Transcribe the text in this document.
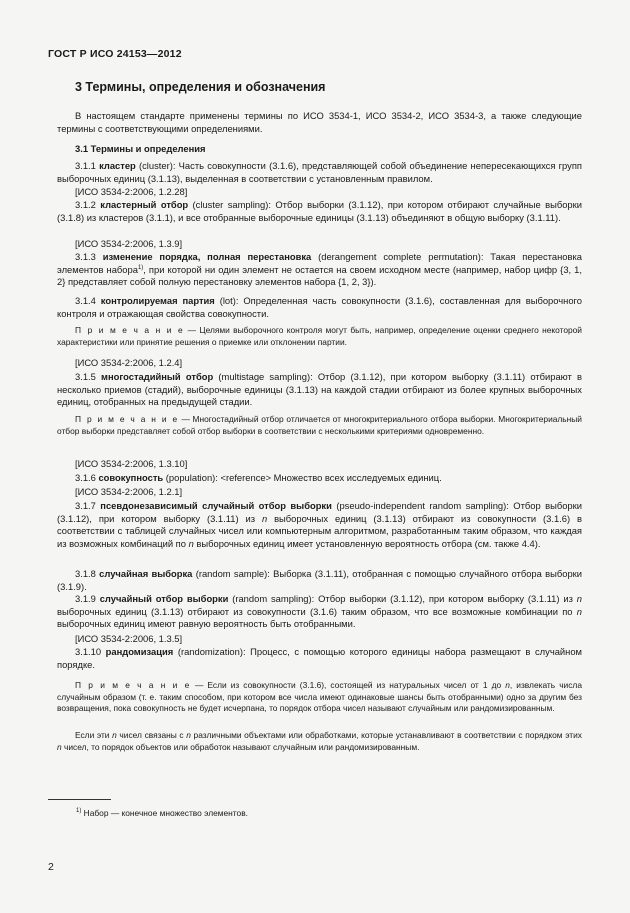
ГОСТ Р ИСО 24153—2012
3 Термины, определения и обозначения
В настоящем стандарте применены термины по ИСО 3534-1, ИСО 3534-2, ИСО 3534-3, а также следующие термины с соответствующими определениями.
3.1 Термины и определения
3.1.1 кластер (cluster): Часть совокупности (3.1.6), представляющей собой объединение непересекающихся групп выборочных единиц (3.1.13), выделенная в соответствии с установленным правилом.
[ИСО 3534-2:2006, 1.2.28]
3.1.2 кластерный отбор (cluster sampling): Отбор выборки (3.1.12), при котором отбирают случайные выборки (3.1.8) из кластеров (3.1.1), и все отобранные выборочные единицы (3.1.13) объединяют в общую выборку (3.1.11).
[ИСО 3534-2:2006, 1.3.9]
3.1.3 изменение порядка, полная перестановка (derangement complete permutation): Такая перестановка элементов набора$^{1)}$, при которой ни один элемент не остается на своем исходном месте (например, набор цифр {3, 1, 2} представляет собой полную перестановку элементов набора {1, 2, 3}).
3.1.4 контролируемая партия (lot): Определенная часть совокупности (3.1.6), составленная для выборочного контроля и отражающая свойства совокупности.
П р и м е ч а н и е — Целями выборочного контроля могут быть, например, определение оценки среднего некоторой характеристики или принятие решения о приемке или отклонении партии.
[ИСО 3534-2:2006, 1.2.4]
3.1.5 многостадийный отбор (multistage sampling): Отбор (3.1.12), при котором выборку (3.1.11) отбирают в несколько приемов (стадий), выборочные единицы (3.1.13) на каждой стадии отбирают из более крупных выборочных единиц, отобранных на предыдущей стадии.
П р и м е ч а н и е — Многостадийный отбор отличается от многокритериального отбора выборки. Многокритериальный отбор выборки представляет собой отбор выборки в соответствии с несколькими критериями одновременно.
[ИСО 3534-2:2006, 1.3.10]
3.1.6 совокупность (population): <reference> Множество всех исследуемых единиц.
[ИСО 3534-2:2006, 1.2.1]
3.1.7 псевдонезависимый случайный отбор выборки (pseudo-independent random sampling): Отбор выборки (3.1.12), при котором выборку (3.1.11) из n выборочных единиц (3.1.13) отбирают из совокупности (3.1.6) в соответствии с таблицей случайных чисел или компьютерным алгоритмом, разработанным таким образом, что каждая из возможных комбинаций по n выборочных единиц имеет установленную вероятность отбора (см. также 4.4).
3.1.8 случайная выборка (random sample): Выборка (3.1.11), отобранная с помощью случайного отбора выборки (3.1.9).
3.1.9 случайный отбор выборки (random sampling): Отбор выборки (3.1.12), при котором выборку (3.1.11) из n выборочных единиц (3.1.13) отбирают из совокупности (3.1.6) таким образом, что все возможные комбинации по n выборочных единиц имеют равную вероятность быть отобранными.
[ИСО 3534-2:2006, 1.3.5]
3.1.10 рандомизация (randomization): Процесс, с помощью которого единицы набора размещают в случайном порядке.
П р и м е ч а н и е — Если из совокупности (3.1.6), состоящей из натуральных чисел от 1 до n, извлекать числа случайным образом (т. е. таким способом, при котором все числа имеют одинаковые шансы быть отобранными) одно за другим без возвращения, пока совокупность не будет исчерпана, то порядок отбора чисел называют случайным или рандомизированным.
Если эти n чисел связаны с n различными объектами или обработками, которые устанавливают в соответствии с порядком этих n чисел, то порядок объектов или обработок называют случайным или рандомизированным.
$^{1)}$ Набор — конечное множество элементов.
2
